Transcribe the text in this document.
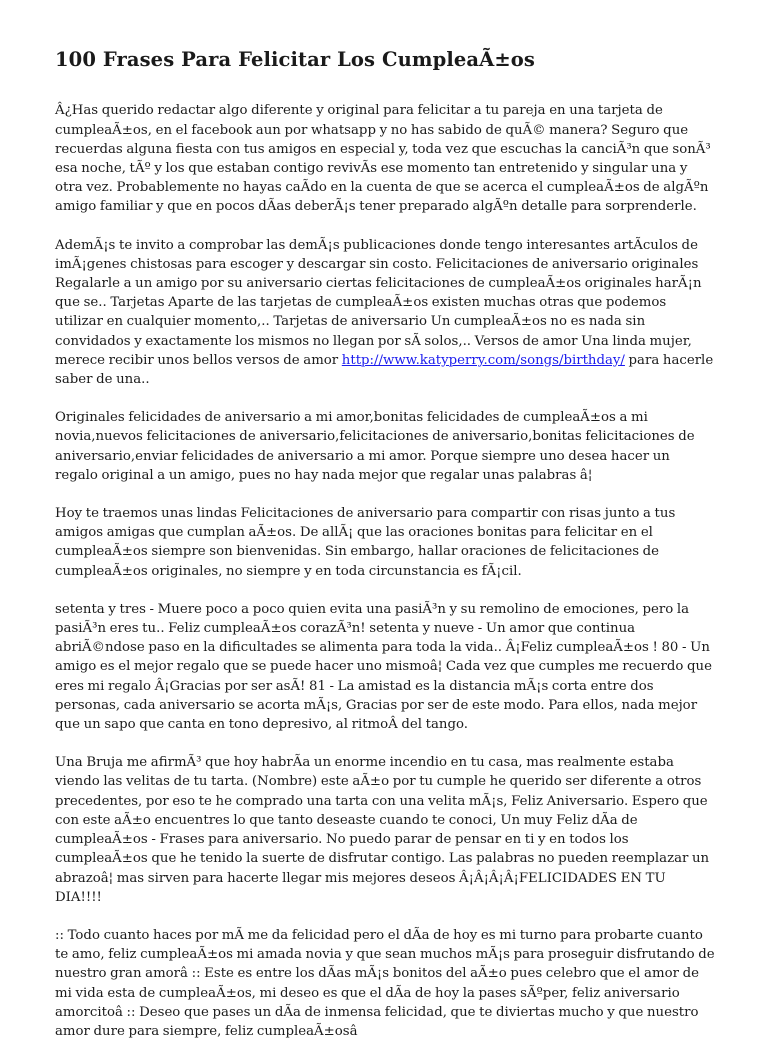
100 Frases Para Felicitar Los CumpleaÃ±os

Â¿Has querido redactar algo diferente y original para felicitar a tu pareja en una tarjeta de cumpleaÃ±os, en el facebook aun por whatsapp y no has sabido de quÃ© manera? Seguro que recuerdas alguna fiesta con tus amigos en especial y, toda vez que escuchas la canciÃ³n que sonÃ³ esa noche, tÃº y los que estaban contigo revivÃs ese momento tan entretenido y singular una y otra vez. Probablemente no hayas caÃdo en la cuenta de que se acerca el cumpleaÃ±os de algÃºn amigo familiar y que en pocos dÃas deberÃ¡s tener preparado algÃºn detalle para sorprenderle.

AdemÃ¡s te invito a comprobar las demÃ¡s publicaciones donde tengo interesantes artÃculos de imÃ¡genes chistosas para escoger y descargar sin costo. Felicitaciones de aniversario originales Regalarle a un amigo por su aniversario ciertas felicitaciones de cumpleaÃ±os originales harÃ¡n que se.. Tarjetas Aparte de las tarjetas de cumpleaÃ±os existen muchas otras que podemos utilizar en cualquier momento,.. Tarjetas de aniversario Un cumpleaÃ±os no es nada sin convidados y exactamente los mismos no llegan por sÃ solos,.. Versos de amor Una linda mujer, merece recibir unos bellos versos de amor http://www.katyperry.com/songs/birthday/ para hacerle saber de una..

Originales felicidades de aniversario a mi amor,bonitas felicidades de cumpleaÃ±os a mi novia,nuevos felicitaciones de aniversario,felicitaciones de aniversario,bonitas felicitaciones de aniversario,enviar felicidades de aniversario a mi amor. Porque siempre uno desea hacer un regalo original a un amigo, pues no hay nada mejor que regalar unas palabras â¦

Hoy te traemos unas lindas Felicitaciones de aniversario para compartir con risas junto a tus amigos amigas que cumplan aÃ±os. De allÃ¡ que las oraciones bonitas para felicitar en el cumpleaÃ±os siempre son bienvenidas. Sin embargo, hallar oraciones de felicitaciones de cumpleaÃ±os originales, no siempre y en toda circunstancia es fÃ¡cil.

setenta y tres - Muere poco a poco quien evita una pasiÃ³n y su remolino de emociones, pero la pasiÃ³n eres tu.. Feliz cumpleaÃ±os corazÃ³n! setenta y nueve - Un amor que continua abriÃ©ndose paso en la dificultades se alimenta para toda la vida.. Â¡Feliz cumpleaÃ±os ! 80 - Un amigo es el mejor regalo que se puede hacer uno mismoâ¦ Cada vez que cumples me recuerdo que eres mi regalo Â¡Gracias por ser asÃ! 81 - La amistad es la distancia mÃ¡s corta entre dos personas, cada aniversario se acorta mÃ¡s, Gracias por ser de este modo. Para ellos, nada mejor que un sapo que canta en tono depresivo, al ritmoÂ del tango.

Una Bruja me afirmÃ³ que hoy habrÃa un enorme incendio en tu casa, mas realmente estaba viendo las velitas de tu tarta. (Nombre) este aÃ±o por tu cumple he querido ser diferente a otros precedentes, por eso te he comprado una tarta con una velita mÃ¡s, Feliz Aniversario. Espero que con este aÃ±o encuentres lo que tanto deseaste cuando te conoci, Un muy Feliz dÃa de cumpleaÃ±os - Frases para aniversario. No puedo parar de pensar en ti y en todos los cumpleaÃ±os que he tenido la suerte de disfrutar contigo. Las palabras no pueden reemplazar un abrazoâ¦ mas sirven para hacerte llegar mis mejores deseos Â¡Â¡Â¡Â¡FELICIDADES EN TU DIA!!!!

:: Todo cuanto haces por mÃ me da felicidad pero el dÃa de hoy es mi turno para probarte cuanto te amo, feliz cumpleaÃ±os mi amada novia y que sean muchos mÃ¡s para proseguir disfrutando de nuestro gran amorâ :: Este es entre los dÃas mÃ¡s bonitos del aÃ±o pues celebro que el amor de mi vida esta de cumpleaÃ±os, mi deseo es que el dÃa de hoy la pases sÃºper, feliz aniversario amorcitoâ :: Deseo que pases un dÃa de inmensa felicidad, que te diviertas mucho y que nuestro amor dure para siempre, feliz cumpleaÃ±osâ
